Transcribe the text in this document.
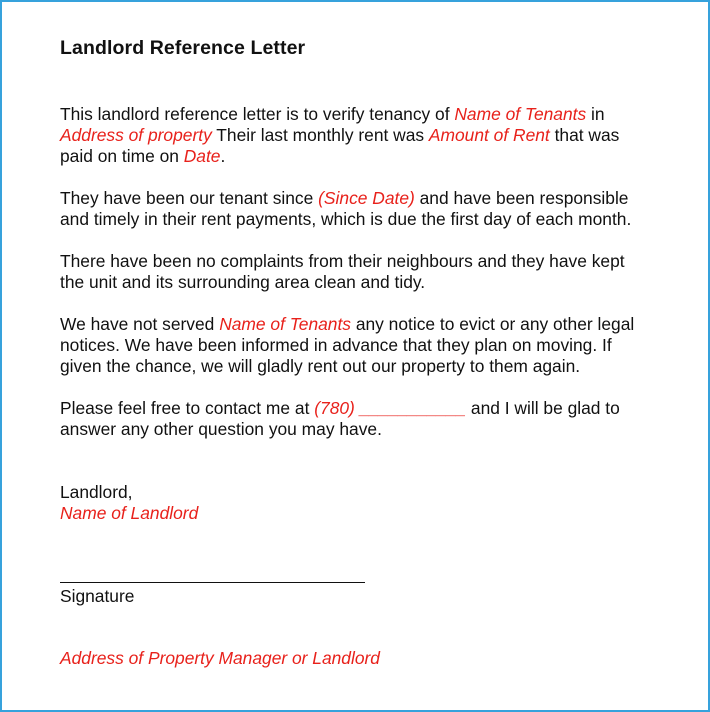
Landlord Reference Letter
This landlord reference letter is to verify tenancy of Name of Tenants in
Address of property Their last monthly rent was Amount of Rent that was
paid on time on Date.
They have been our tenant since (Since Date) and have been responsible
and timely in their rent payments, which is due the first day of each month.
There have been no complaints from their neighbours and they have kept
the unit and its surrounding area clean and tidy.
We have not served Name of Tenants any notice to evict or any other legal
notices. We have been informed in advance that they plan on moving. If
given the chance, we will gladly rent out our property to them again.
Please feel free to contact me at (780) ___________ and I will be glad to
answer any other question you may have.
Landlord,
Name of Landlord
Signature
Address of Property Manager or Landlord
